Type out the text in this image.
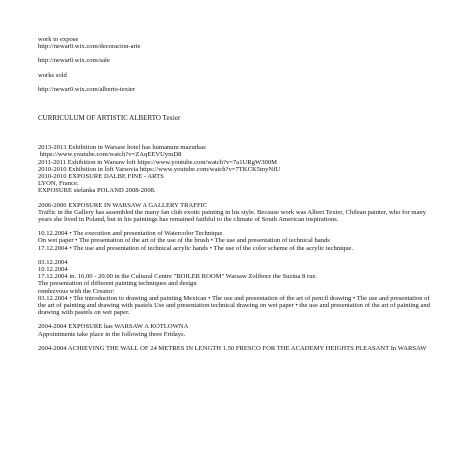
work to expose

http://newar0.wix.com/decoracion-arte

http://newar0.wix.com/sale

works sold

http://newar0.wix.com/alberto-texier

CURRICULUM OF ARTISTIC ALBERTO Texier

2013-2013 Exhibition in Warsaw hotel has humanum mazurkas

https://www.youtube.com/watch?v=ZAqEEVUymD8

2011-2011 Exhibition in Warsaw loft https://www.youtube.com/watch?v=7a1URgW300M

2010-2010 Exhibition in loft Varsovia https://www.youtube.com/watch?v=7TKCK5myNfU

2010-2010 EXPOSURE DALBE FINE - ARTS

LYON, France.

EXPOSURE sielanka POLAND 2008-2008.

2006-2006 EXPOSURE IN WARSAW A GALLERY TRAFFIC

Traffic in the Gallery has assembled the many fan club exotic painting in his style. Because work was Albert Texier, Chilean painter, who for many years she lived in Poland, but in his paintings has remained faithful to the climate of South American inspirations.

10.12.2004 • The execution and presentation of Watercolor Technique

On wet paper • The presentation of the art of the use of the brush • The use and presentation of technical hands

17.12.2004 • The use and presentation of technical acrylic hands • The use of the color scheme of the acrylic technique.

03.12.2004

10.12.2004

17.12.2004 in. 16.00 - 20.00 in the Cultural Centre "BOILER ROOM" Warsaw Zoliborz the Suzina 8 rue.

The presentation of different painting techniques and design

rendezvous with the Creator:

03.12.2004 • The introduction to drawing and painting Mexican • The use and presentation of the art of pencil drawing • The use and presentation of the art of painting and drawing with pastels Use and presentation technical drawing on wet paper • the use and presentation of the art of painting and drawing with pastels on wet paper.

2004-2004 EXPOSURE has WARSAW A KOTLOWNA

Appointments take place in the following three Fridays.

2004-2004 ACHIEVING THE WALL OF 24 METRES IN LENGTH 1.50 FRESCO FOR THE ACADEMY HEIGHTS PLEASANT In WARSAW
